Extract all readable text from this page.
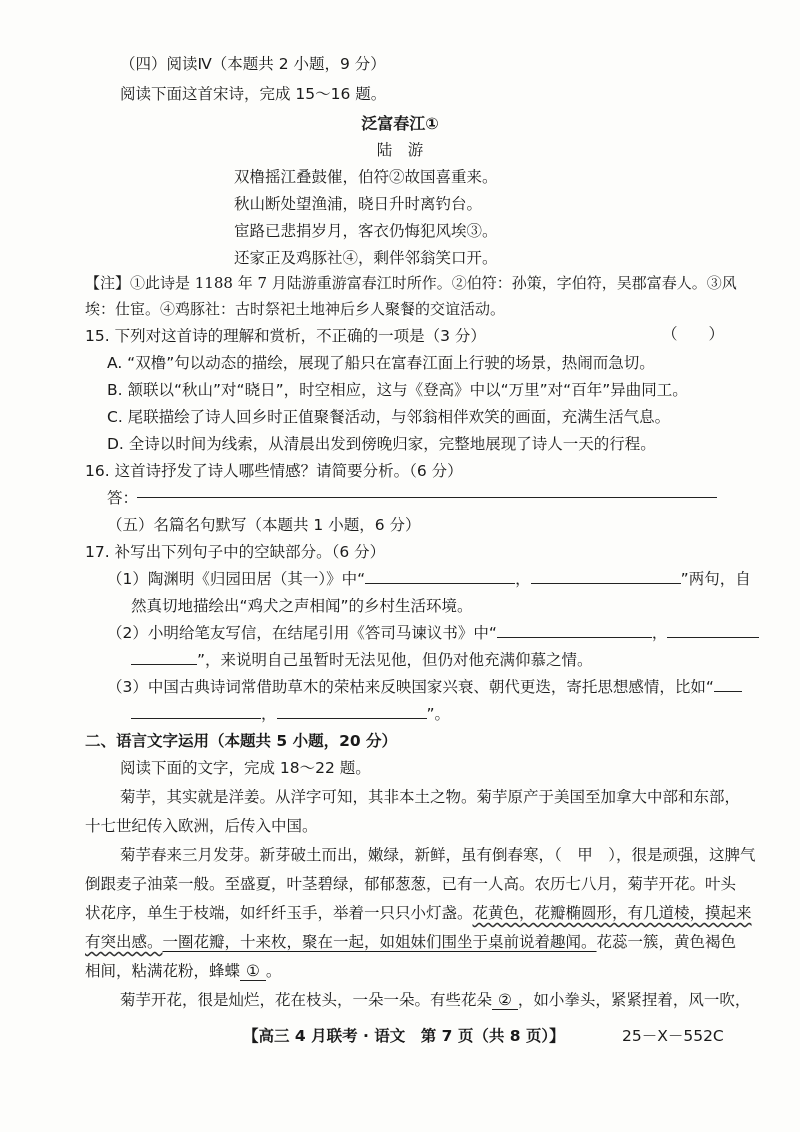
（四）阅读Ⅳ（本题共 2 小题，9 分）
阅读下面这首宋诗，完成 15～16 题。
泛富春江①
陆　游
双橹摇江叠鼓催，伯符②故国喜重来。
秋山断处望渔浦，晓日升时离钓台。
宦路已悲捐岁月，客衣仍悔犯风埃③。
还家正及鸡豚社④，剩伴邻翁笑口开。
【注】①此诗是 1188 年 7 月陆游重游富春江时所作。②伯符：孙策，字伯符，吴郡富春人。③风
埃：仕宦。④鸡豚社：古时祭祀土地神后乡人聚餐的交谊活动。
15. 下列对这首诗的理解和赏析，不正确的一项是（3 分）	（　　）
A. “双橹”句以动态的描绘，展现了船只在富春江面上行驶的场景，热闹而急切。
B. 颔联以“秋山”对“晓日”，时空相应，这与《登高》中以“万里”对“百年”异曲同工。
C. 尾联描绘了诗人回乡时正值聚餐活动，与邻翁相伴欢笑的画面，充满生活气息。
D. 全诗以时间为线索，从清晨出发到傍晚归家，完整地展现了诗人一天的行程。
16. 这首诗抒发了诗人哪些情感？请简要分析。（6 分）
答：
（五）名篇名句默写（本题共 1 小题，6 分）
17. 补写出下列句子中的空缺部分。（6 分）
（1）陶渊明《归园田居（其一）》中“	，	”两句，自
然真切地描绘出“鸡犬之声相闻”的乡村生活环境。
（2）小明给笔友写信，在结尾引用《答司马谏议书》中“	，
”，来说明自己虽暂时无法见他，但仍对他充满仰慕之情。
（3）中国古典诗词常借助草木的荣枯来反映国家兴衰、朝代更迭，寄托思想感情，比如“
，	”。
二、语言文字运用（本题共 5 小题，20 分）
阅读下面的文字，完成 18～22 题。
菊芋，其实就是洋姜。从洋字可知，其非本土之物。菊芋原产于美国至加拿大中部和东部，
十七世纪传入欧洲，后传入中国。
菊芋春来三月发芽。新芽破土而出，嫩绿，新鲜，虽有倒春寒，（　甲　），很是顽强，这脾气
倒跟麦子油菜一般。至盛夏，叶茎碧绿，郁郁葱葱，已有一人高。农历七八月，菊芋开花。叶头
状花序，单生于枝端，如纤纤玉手，举着一只只小灯盏。花黄色，花瓣椭圆形，有几道棱，摸起来
有突出感。一圈花瓣，十来枚，聚在一起，如姐妹们围坐于桌前说着趣闻。花蕊一簇，黄色褐色
相间，粘满花粉，蜂蝶 ① 。
菊芋开花，很是灿烂，花在枝头，一朵一朵。有些花朵 ② ，如小拳头，紧紧捏着，风一吹，
【高三 4 月联考 · 语文　第 7 页（共 8 页）】	25－X－552C
